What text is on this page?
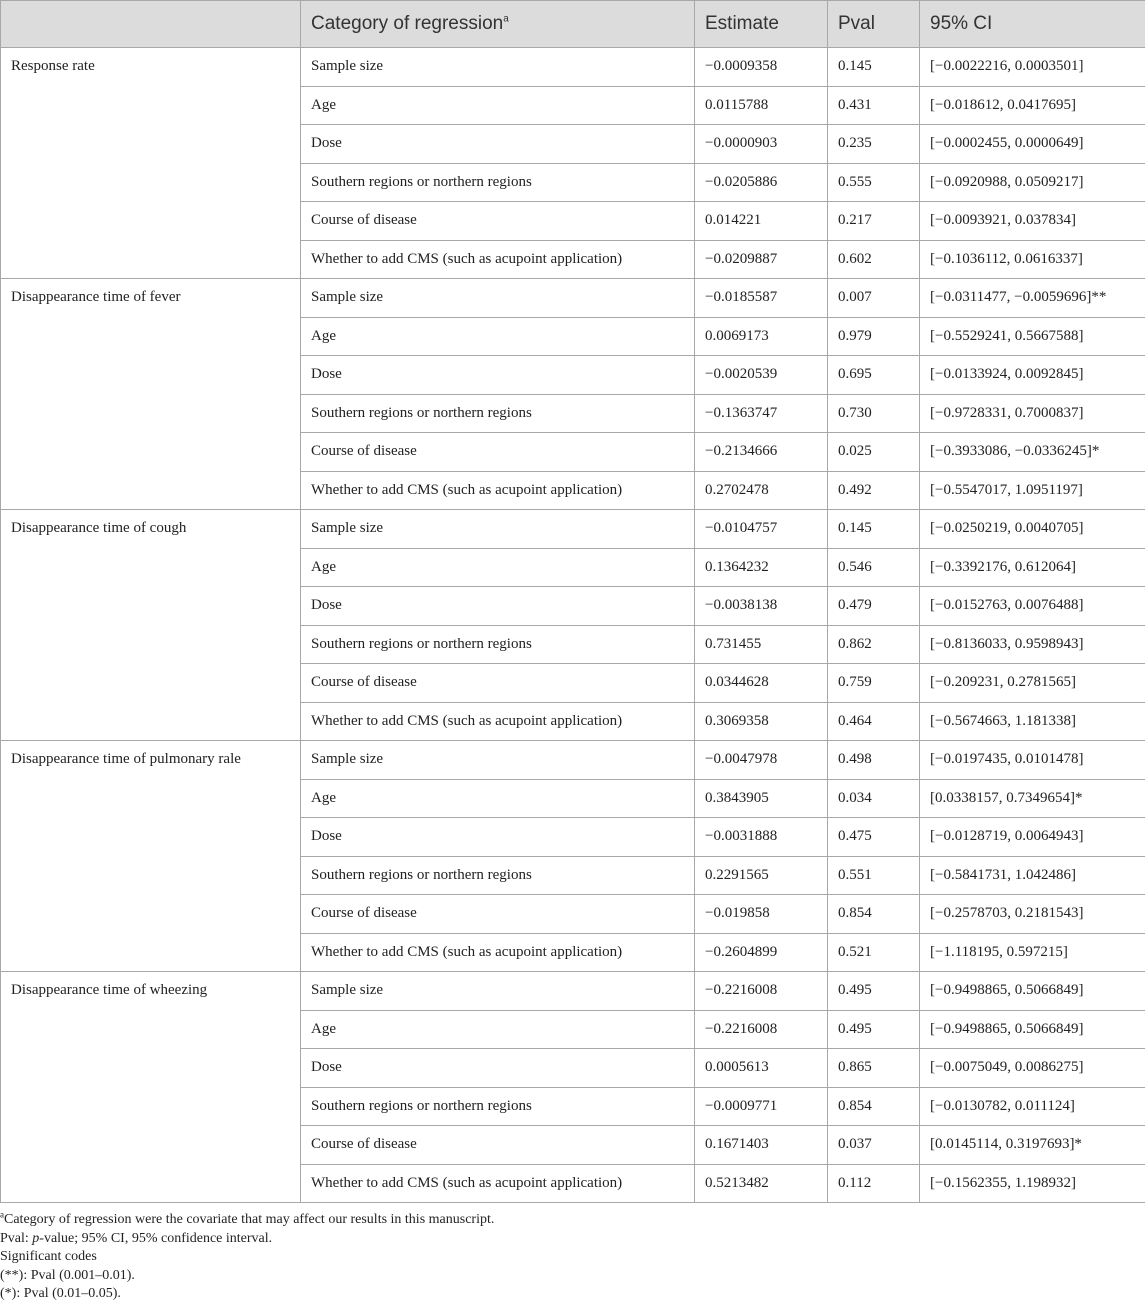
	Category of regression$^a$	Estimate	Pval	95% CI
Response rate	Sample size	−0.0009358	0.145	[−0.0022216, 0.0003501]
	Age	0.0115788	0.431	[−0.018612, 0.0417695]
	Dose	−0.0000903	0.235	[−0.0002455, 0.0000649]
	Southern regions or northern regions	−0.0205886	0.555	[−0.0920988, 0.0509217]
	Course of disease	0.014221	0.217	[−0.0093921, 0.037834]
	Whether to add CMS (such as acupoint application)	−0.0209887	0.602	[−0.1036112, 0.0616337]
Disappearance time of fever	Sample size	−0.0185587	0.007	[−0.0311477, −0.0059696]**
	Age	0.0069173	0.979	[−0.5529241, 0.5667588]
	Dose	−0.0020539	0.695	[−0.0133924, 0.0092845]
	Southern regions or northern regions	−0.1363747	0.730	[−0.9728331, 0.7000837]
	Course of disease	−0.2134666	0.025	[−0.3933086, −0.0336245]*
	Whether to add CMS (such as acupoint application)	0.2702478	0.492	[−0.5547017, 1.0951197]
Disappearance time of cough	Sample size	−0.0104757	0.145	[−0.0250219, 0.0040705]
	Age	0.1364232	0.546	[−0.3392176, 0.612064]
	Dose	−0.0038138	0.479	[−0.0152763, 0.0076488]
	Southern regions or northern regions	0.731455	0.862	[−0.8136033, 0.9598943]
	Course of disease	0.0344628	0.759	[−0.209231, 0.2781565]
	Whether to add CMS (such as acupoint application)	0.3069358	0.464	[−0.5674663, 1.181338]
Disappearance time of pulmonary rale	Sample size	−0.0047978	0.498	[−0.0197435, 0.0101478]
	Age	0.3843905	0.034	[0.0338157, 0.7349654]*
	Dose	−0.0031888	0.475	[−0.0128719, 0.0064943]
	Southern regions or northern regions	0.2291565	0.551	[−0.5841731, 1.042486]
	Course of disease	−0.019858	0.854	[−0.2578703, 0.2181543]
	Whether to add CMS (such as acupoint application)	−0.2604899	0.521	[−1.118195, 0.597215]
Disappearance time of wheezing	Sample size	−0.2216008	0.495	[−0.9498865, 0.5066849]
	Age	−0.2216008	0.495	[−0.9498865, 0.5066849]
	Dose	0.0005613	0.865	[−0.0075049, 0.0086275]
	Southern regions or northern regions	−0.0009771	0.854	[−0.0130782, 0.011124]
	Course of disease	0.1671403	0.037	[0.0145114, 0.3197693]*
	Whether to add CMS (such as acupoint application)	0.5213482	0.112	[−0.1562355, 1.198932]
$^a$Category of regression were the covariate that may affect our results in this manuscript.
Pval: p-value; 95% CI, 95% confidence interval.
Significant codes
(**): Pval (0.001–0.01).
(*): Pval (0.01–0.05).
